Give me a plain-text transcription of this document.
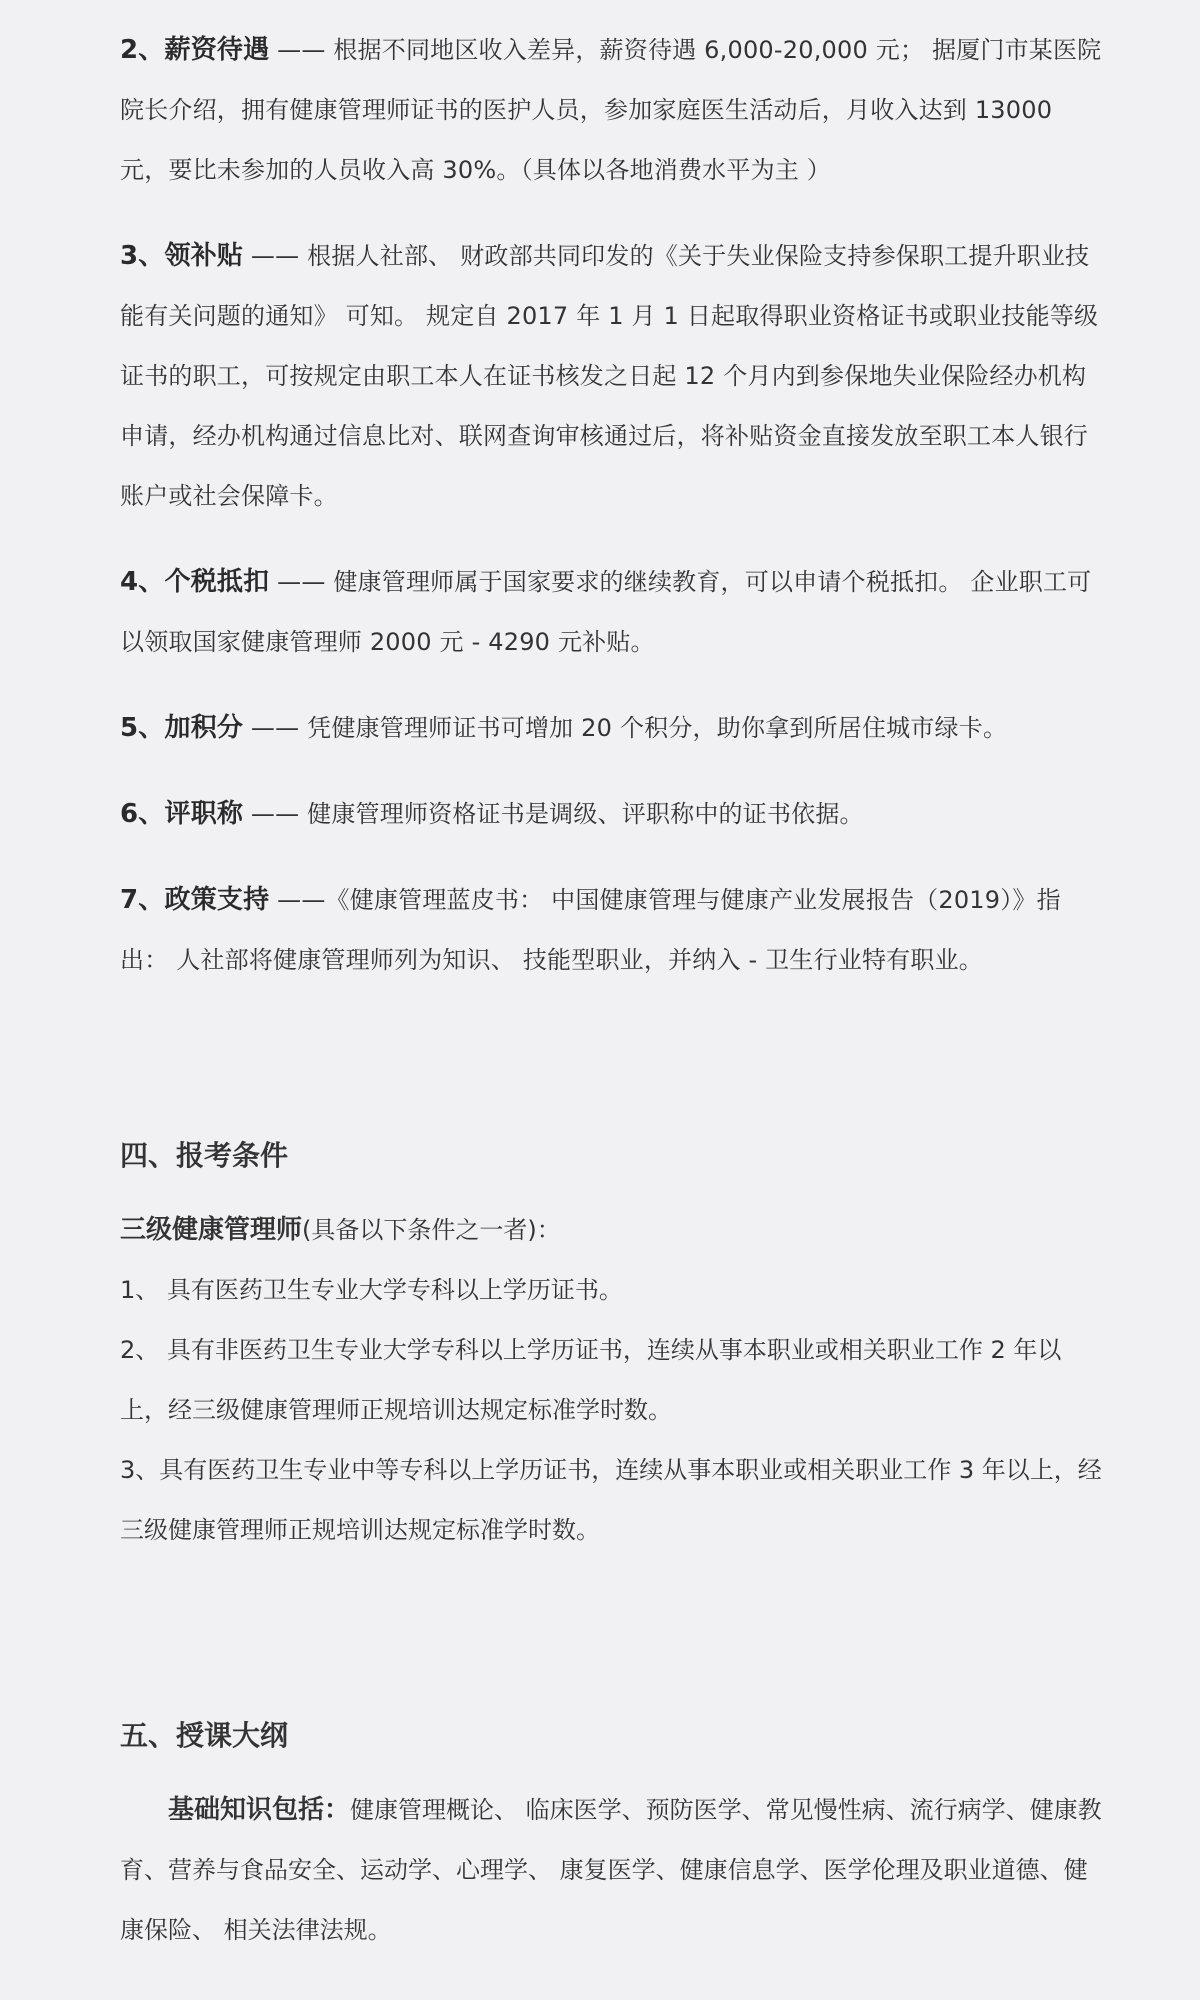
2、薪资待遇 —— 根据不同地区收入差异，薪资待遇 6,000-20,000 元； 据厦门市某医院院长介绍，拥有健康管理师证书的医护人员，参加家庭医生活动后，月收入达到 13000 元，要比未参加的人员收入高 30%。（具体以各地消费水平为主 ）

3、领补贴 —— 根据人社部、 财政部共同印发的《关于失业保险支持参保职工提升职业技能有关问题的通知》 可知。 规定自 2017 年 1 月 1 日起取得职业资格证书或职业技能等级证书的职工，可按规定由职工本人在证书核发之日起 12 个月内到参保地失业保险经办机构申请，经办机构通过信息比对、联网查询审核通过后，将补贴资金直接发放至职工本人银行账户或社会保障卡。

4、个税抵扣 —— 健康管理师属于国家要求的继续教育，可以申请个税抵扣。 企业职工可以领取国家健康管理师 2000 元 - 4290 元补贴。

5、加积分 —— 凭健康管理师证书可增加 20 个积分，助你拿到所居住城市绿卡。

6、评职称 —— 健康管理师资格证书是调级、评职称中的证书依据。

7、政策支持 ——《健康管理蓝皮书： 中国健康管理与健康产业发展报告（2019）》指出： 人社部将健康管理师列为知识、 技能型职业，并纳入 - 卫生行业特有职业。

四、报考条件

三级健康管理师(具备以下条件之一者)：

1、 具有医药卫生专业大学专科以上学历证书。

2、 具有非医药卫生专业大学专科以上学历证书，连续从事本职业或相关职业工作 2 年以上，经三级健康管理师正规培训达规定标准学时数。

3、具有医药卫生专业中等专科以上学历证书，连续从事本职业或相关职业工作 3 年以上，经三级健康管理师正规培训达规定标准学时数。

五、授课大纲

基础知识包括：健康管理概论、 临床医学、预防医学、常见慢性病、流行病学、健康教育、营养与食品安全、运动学、心理学、 康复医学、健康信息学、医学伦理及职业道德、健康保险、 相关法律法规。
